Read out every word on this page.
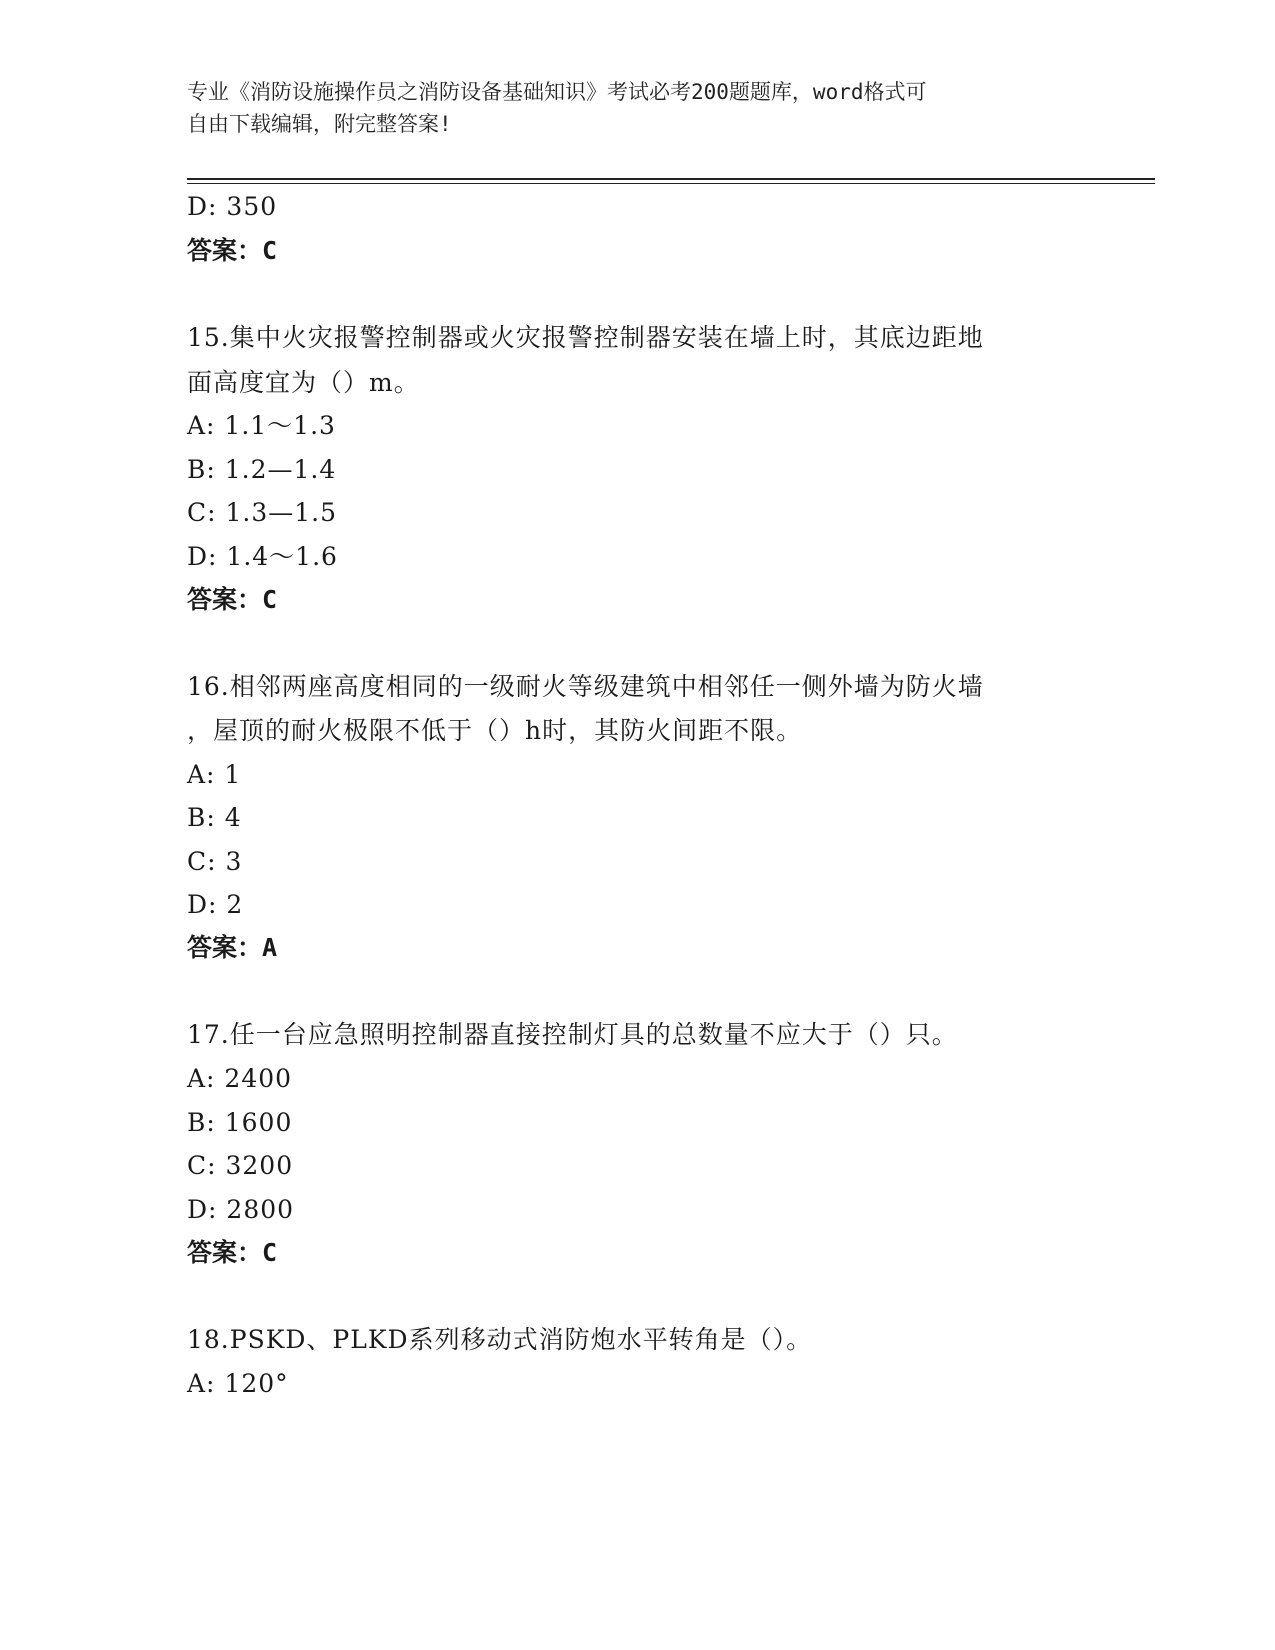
专业《消防设施操作员之消防设备基础知识》考试必考200题题库，word格式可
自由下载编辑，附完整答案!
D: 350
答案：C
15.集中火灾报警控制器或火灾报警控制器安装在墙上时，其底边距地
面高度宜为（）m。
A: 1.1～1.3
B: 1.2—1.4
C: 1.3—1.5
D: 1.4～1.6
答案：C
16.相邻两座高度相同的一级耐火等级建筑中相邻任一侧外墙为防火墙
，屋顶的耐火极限不低于（）h时，其防火间距不限。
A: 1
B: 4
C: 3
D: 2
答案：A
17.任一台应急照明控制器直接控制灯具的总数量不应大于（）只。
A: 2400
B: 1600
C: 3200
D: 2800
答案：C
18.PSKD、PLKD系列移动式消防炮水平转角是（）。
A: 120°
